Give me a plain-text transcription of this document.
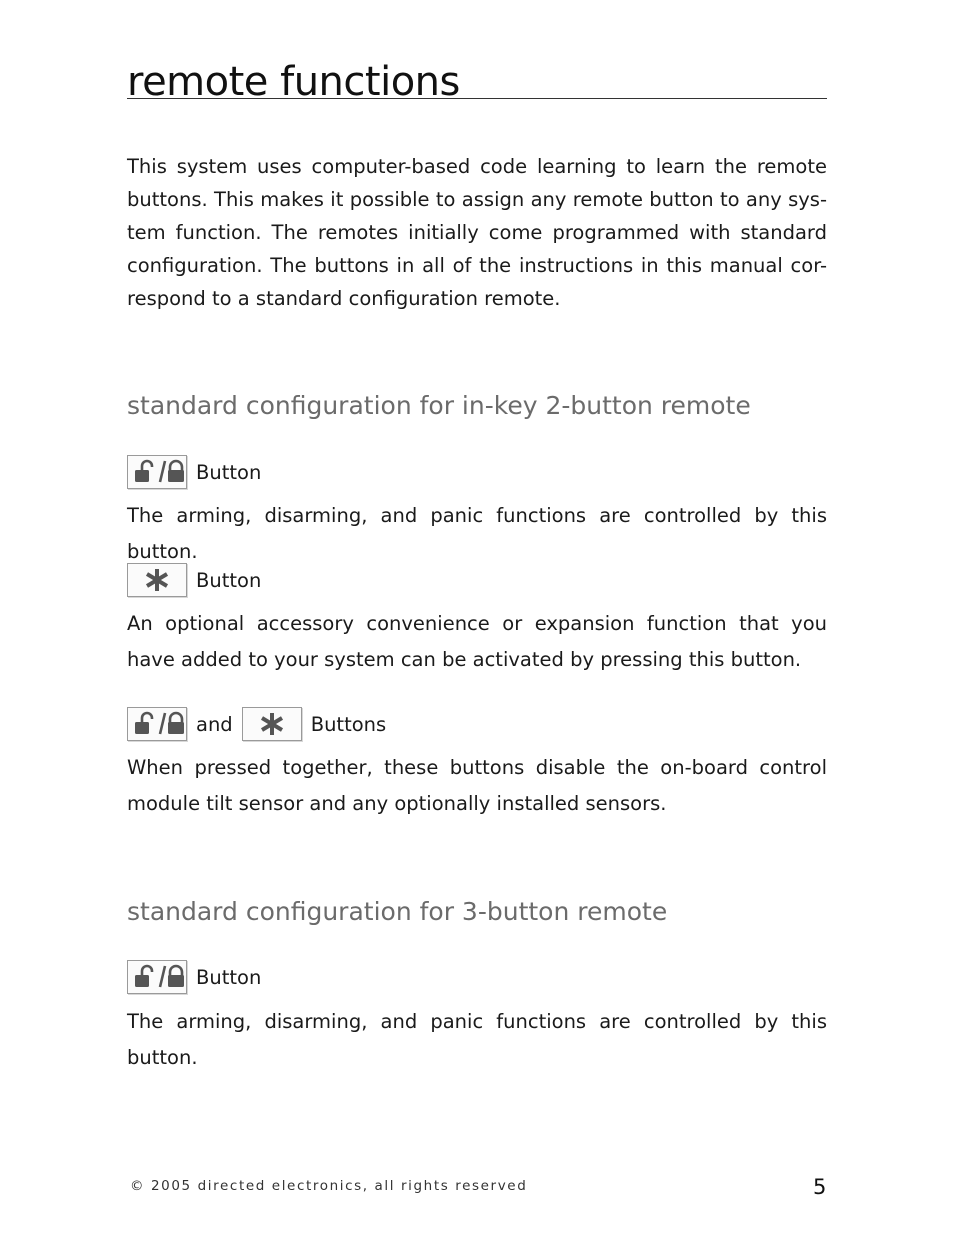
remote functions

This system uses computer-based code learning to learn the remote buttons. This makes it possible to assign any remote button to any sys-tem function. The remotes initially come programmed with standard configuration. The buttons in all of the instructions in this manual cor-respond to a standard configuration remote.

standard configuration for in-key 2-button remote
Button

The arming, disarming, and panic functions are controlled by this button.

Button

An optional accessory convenience or expansion function that you have added to your system can be activated by pressing this button.

and	Buttons

When pressed together, these buttons disable the on-board control module tilt sensor and any optionally installed sensors.

standard configuration for 3-button remote
Button

The arming, disarming, and panic functions are controlled by this button.

© 2005 directed electronics, all rights reserved	5
